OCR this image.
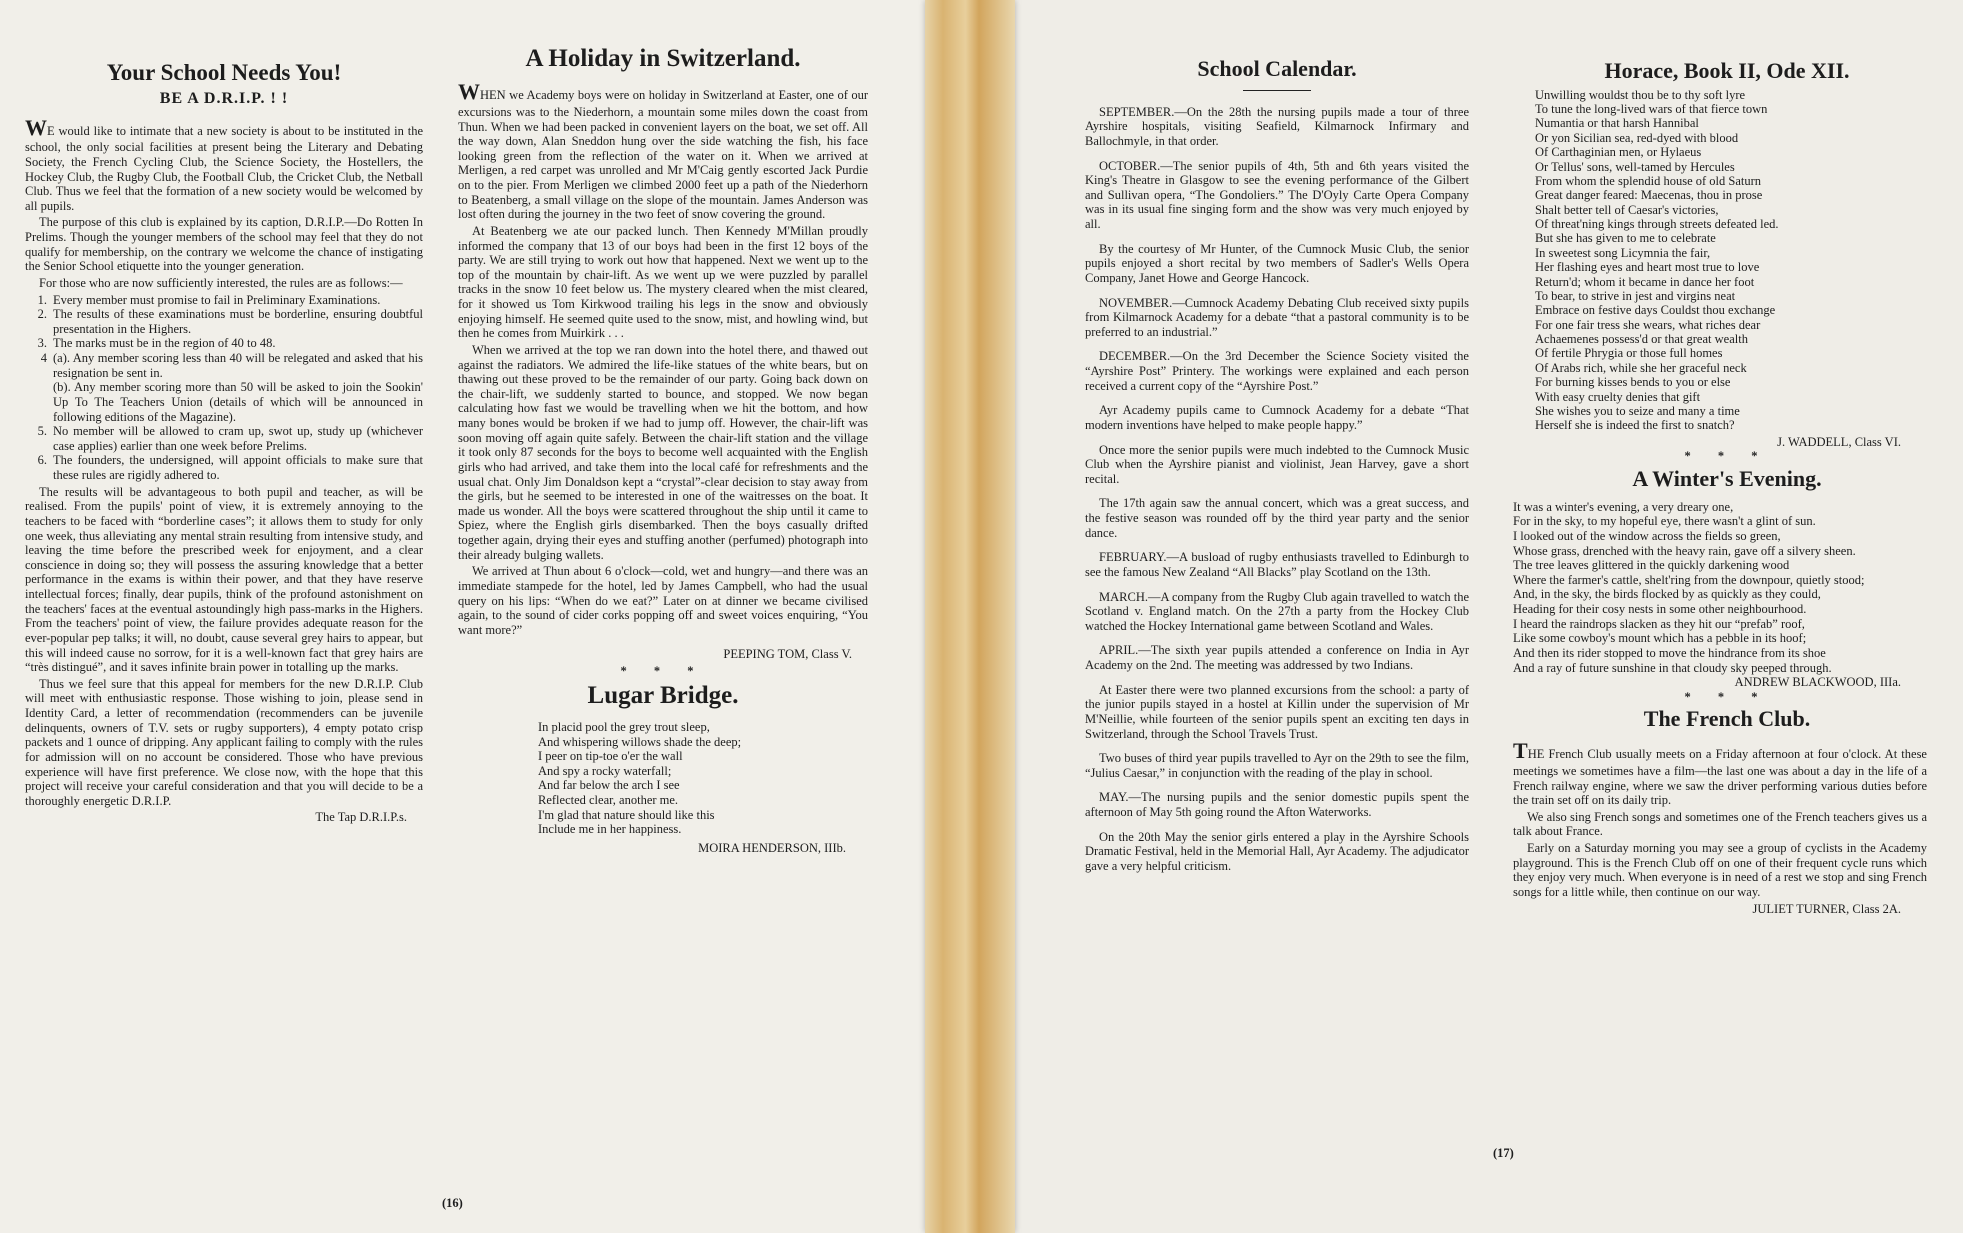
Your School Needs You!
BE A D.R.I.P. ! !

WE would like to intimate that a new society is about to be instituted in the school, the only social facilities at present being the Literary and Debating Society, the French Cycling Club, the Science Society, the Hostellers, the Hockey Club, the Rugby Club, the Football Club, the Cricket Club, the Netball Club. Thus we feel that the formation of a new society would be welcomed by all pupils.

The purpose of this club is explained by its caption, D.R.I.P.—Do Rotten In Prelims. Though the younger members of the school may feel that they do not qualify for membership, on the contrary we welcome the chance of instigating the Senior School etiquette into the younger generation.

For those who are now sufficiently interested, the rules are as follows:—

1. Every member must promise to fail in Preliminary Examinations.
2. The results of these examinations must be borderline, ensuring doubtful presentation in the Highers.
3. The marks must be in the region of 40 to 48.
4 (a). Any member scoring less than 40 will be relegated and asked that his resignation be sent in.
(b). Any member scoring more than 50 will be asked to join the Sookin' Up To The Teachers Union (details of which will be announced in following editions of the Magazine).
5. No member will be allowed to cram up, swot up, study up (whichever case applies) earlier than one week before Prelims.
6. The founders, the undersigned, will appoint officials to make sure that these rules are rigidly adhered to.

The results will be advantageous to both pupil and teacher, as will be realised. From the pupils' point of view, it is extremely annoying to the teachers to be faced with “borderline cases”; it allows them to study for only one week, thus alleviating any mental strain resulting from intensive study, and leaving the time before the prescribed week for enjoyment, and a clear conscience in doing so; they will possess the assuring knowledge that a better performance in the exams is within their power, and that they have reserve intellectual forces; finally, dear pupils, think of the profound astonishment on the teachers' faces at the eventual astoundingly high pass-marks in the Highers. From the teachers' point of view, the failure provides adequate reason for the ever-popular pep talks; it will, no doubt, cause several grey hairs to appear, but this will indeed cause no sorrow, for it is a well-known fact that grey hairs are “très distingué”, and it saves infinite brain power in totalling up the marks.

Thus we feel sure that this appeal for members for the new D.R.I.P. Club will meet with enthusiastic response. Those wishing to join, please send in Identity Card, a letter of recommendation (recommenders can be juvenile delinquents, owners of T.V. sets or rugby supporters), 4 empty potato crisp packets and 1 ounce of dripping. Any applicant failing to comply with the rules for admission will on no account be considered. Those who have previous experience will have first preference. We close now, with the hope that this project will receive your careful consideration and that you will decide to be a thoroughly energetic D.R.I.P.

The Tap D.R.I.P.s.
A Holiday in Switzerland.

WHEN we Academy boys were on holiday in Switzerland at Easter, one of our excursions was to the Niederhorn, a mountain some miles down the coast from Thun. When we had been packed in convenient layers on the boat, we set off. All the way down, Alan Sneddon hung over the side watching the fish, his face looking green from the reflection of the water on it. When we arrived at Merligen, a red carpet was unrolled and Mr M'Caig gently escorted Jack Purdie on to the pier. From Merligen we climbed 2000 feet up a path of the Niederhorn to Beatenberg, a small village on the slope of the mountain. James Anderson was lost often during the journey in the two feet of snow covering the ground.

At Beatenberg we ate our packed lunch. Then Kennedy M'Millan proudly informed the company that 13 of our boys had been in the first 12 boys of the party. We are still trying to work out how that happened. Next we went up to the top of the mountain by chair-lift. As we went up we were puzzled by parallel tracks in the snow 10 feet below us. The mystery cleared when the mist cleared, for it showed us Tom Kirkwood trailing his legs in the snow and obviously enjoying himself. He seemed quite used to the snow, mist, and howling wind, but then he comes from Muirkirk . . .

When we arrived at the top we ran down into the hotel there, and thawed out against the radiators. We admired the life-like statues of the white bears, but on thawing out these proved to be the remainder of our party. Going back down on the chair-lift, we suddenly started to bounce, and stopped. We now began calculating how fast we would be travelling when we hit the bottom, and how many bones would be broken if we had to jump off. However, the chair-lift was soon moving off again quite safely. Between the chair-lift station and the village it took only 87 seconds for the boys to become well acquainted with the English girls who had arrived, and take them into the local café for refreshments and the usual chat. Only Jim Donaldson kept a “crystal”-clear decision to stay away from the girls, but he seemed to be interested in one of the waitresses on the boat. It made us wonder. All the boys were scattered throughout the ship until it came to Spiez, where the English girls disembarked. Then the boys casually drifted together again, drying their eyes and stuffing another (perfumed) photograph into their already bulging wallets.

We arrived at Thun about 6 o'clock—cold, wet and hungry—and there was an immediate stampede for the hotel, led by James Campbell, who had the usual query on his lips: “When do we eat?” Later on at dinner we became civilised again, to the sound of cider corks popping off and sweet voices enquiring, “You want more?”

PEEPING TOM, Class V.
* * *
Lugar Bridge.
In placid pool the grey trout sleep,
And whispering willows shade the deep;
I peer on tip-toe o'er the wall
And spy a rocky waterfall;
And far below the arch I see
Reflected clear, another me.
I'm glad that nature should like this
Include me in her happiness.
MOIRA HENDERSON, IIIb.
(16)
School Calendar.

SEPTEMBER.—On the 28th the nursing pupils made a tour of three Ayrshire hospitals, visiting Seafield, Kilmarnock Infirmary and Ballochmyle, in that order.

OCTOBER.—The senior pupils of 4th, 5th and 6th years visited the King's Theatre in Glasgow to see the evening performance of the Gilbert and Sullivan opera, “The Gondoliers.” The D'Oyly Carte Opera Company was in its usual fine singing form and the show was very much enjoyed by all.

By the courtesy of Mr Hunter, of the Cumnock Music Club, the senior pupils enjoyed a short recital by two members of Sadler's Wells Opera Company, Janet Howe and George Hancock.

NOVEMBER.—Cumnock Academy Debating Club received sixty pupils from Kilmarnock Academy for a debate “that a pastoral community is to be preferred to an industrial.”

DECEMBER.—On the 3rd December the Science Society visited the “Ayrshire Post” Printery. The workings were explained and each person received a current copy of the “Ayrshire Post.”

Ayr Academy pupils came to Cumnock Academy for a debate “That modern inventions have helped to make people happy.”

Once more the senior pupils were much indebted to the Cumnock Music Club when the Ayrshire pianist and violinist, Jean Harvey, gave a short recital.

The 17th again saw the annual concert, which was a great success, and the festive season was rounded off by the third year party and the senior dance.

FEBRUARY.—A busload of rugby enthusiasts travelled to Edinburgh to see the famous New Zealand “All Blacks” play Scotland on the 13th.

MARCH.—A company from the Rugby Club again travelled to watch the Scotland v. England match. On the 27th a party from the Hockey Club watched the Hockey International game between Scotland and Wales.

APRIL.—The sixth year pupils attended a conference on India in Ayr Academy on the 2nd. The meeting was addressed by two Indians.

At Easter there were two planned excursions from the school: a party of the junior pupils stayed in a hostel at Killin under the supervision of Mr M'Neillie, while fourteen of the senior pupils spent an exciting ten days in Switzerland, through the School Travels Trust.

Two buses of third year pupils travelled to Ayr on the 29th to see the film, “Julius Caesar,” in conjunction with the reading of the play in school.

MAY.—The nursing pupils and the senior domestic pupils spent the afternoon of May 5th going round the Afton Waterworks.

On the 20th May the senior girls entered a play in the Ayrshire Schools Dramatic Festival, held in the Memorial Hall, Ayr Academy. The adjudicator gave a very helpful criticism.

(17)
Horace, Book II, Ode XII.
Unwilling wouldst thou be to thy soft lyre
To tune the long-lived wars of that fierce town
Numantia or that harsh Hannibal
Or yon Sicilian sea, red-dyed with blood
Of Carthaginian men, or Hylaeus
Or Tellus' sons, well-tamed by Hercules
From whom the splendid house of old Saturn
Great danger feared: Maecenas, thou in prose
Shalt better tell of Caesar's victories,
Of threat'ning kings through streets defeated led.
But she has given to me to celebrate
In sweetest song Licymnia the fair,
Her flashing eyes and heart most true to love
Return'd; whom it became in dance her foot
To bear, to strive in jest and virgins neat
Embrace on festive days Couldst thou exchange
For one fair tress she wears, what riches dear
Achaemenes possess'd or that great wealth
Of fertile Phrygia or those full homes
Of Arabs rich, while she her graceful neck
For burning kisses bends to you or else
With easy cruelty denies that gift
She wishes you to seize and many a time
Herself she is indeed the first to snatch?
J. WADDELL, Class VI.
* * *
A Winter's Evening.
It was a winter's evening, a very dreary one,
For in the sky, to my hopeful eye, there wasn't a glint of sun.
I looked out of the window across the fields so green,
Whose grass, drenched with the heavy rain, gave off a silvery sheen.
The tree leaves glittered in the quickly darkening wood
Where the farmer's cattle, shelt'ring from the downpour, quietly stood;
And, in the sky, the birds flocked by as quickly as they could,
Heading for their cosy nests in some other neighbourhood.
I heard the raindrops slacken as they hit our “prefab” roof,
Like some cowboy's mount which has a pebble in its hoof;
And then its rider stopped to move the hindrance from its shoe
And a ray of future sunshine in that cloudy sky peeped through.
ANDREW BLACKWOOD, IIIa.
* * *
The French Club.

THE French Club usually meets on a Friday afternoon at four o'clock. At these meetings we sometimes have a film—the last one was about a day in the life of a French railway engine, where we saw the driver performing various duties before the train set off on its daily trip.

We also sing French songs and sometimes one of the French teachers gives us a talk about France.

Early on a Saturday morning you may see a group of cyclists in the Academy playground. This is the French Club off on one of their frequent cycle runs which they enjoy very much. When everyone is in need of a rest we stop and sing French songs for a little while, then continue on our way.

JULIET TURNER, Class 2A.
